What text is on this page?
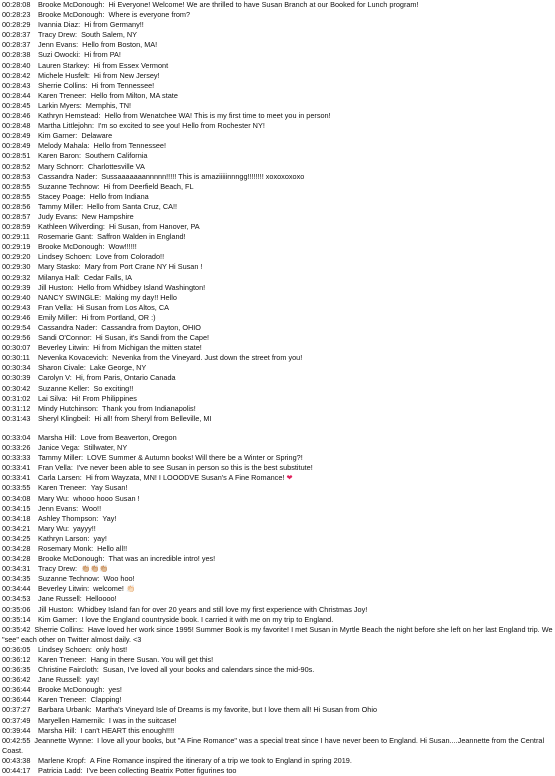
00:28:08	Brooke McDonough: Hi Everyone! Welcome! We are thrilled to have Susan Branch at our Booked for Lunch program!
00:28:23	Brooke McDonough: Where is everyone from?
00:28:29	Ivannia Diaz: Hi from Germany!!
00:28:37	Tracy Drew: South Salem, NY
00:28:37	Jenn Evans: Hello from Boston, MA!
00:28:38	Suzi Owocki: Hi from PA!
00:28:40	Lauren Starkey: Hi from Essex Vermont
00:28:42	Michele Husfelt: Hi from New Jersey!
00:28:43	Sherrie Collins: Hi from Tennessee!
00:28:44	Karen Treneer: Hello from Milton, MA state
00:28:45	Larkin Myers: Memphis, TN!
00:28:46	Kathryn Hemstead: Hello from Wenatchee WA! This is my first time to meet you in person!
00:28:48	Martha Littlejohn: I'm so excited to see you! Hello from Rochester NY!
00:28:49	Kim Garner: Delaware
00:28:49	Melody Mahala: Hello from Tennessee!
00:28:51	Karen Baron: Southern California
00:28:52	Mary Schnorr: Charlottesville VA
00:28:53	Cassandra Nader: Sussaaaaaaannnnn!!!!! This is amaziiiiinnngg!!!!!!!! xoxoxoxoxo
00:28:55	Suzanne Technow: Hi from Deerfield Beach, FL
00:28:55	Stacey Poage: Hello from Indiana
00:28:56	Tammy Miller: Hello from Santa Cruz, CA!!
00:28:57	Judy Evans: New Hampshire
00:28:59	Kathleen Wilverding: Hi Susan, from Hanover, PA
00:29:11	Rosemarie Gant: Saffron Walden in England!
00:29:19	Brooke McDonough: Wow!!!!!!
00:29:20	Lindsey Schoen: Love from Colorado!!
00:29:30	Mary Stasko: Mary from Port Crane NY Hi Susan !
00:29:32	Milanya Hall: Cedar Falls, IA
00:29:39	Jill Huston: Hello from Whidbey Island Washington!
00:29:40	NANCY SWINGLE: Making my day!! Hello
00:29:43	Fran Vella: Hi Susan from Los Altos, CA
00:29:46	Emily Miller: Hi from Portland, OR :)
00:29:54	Cassandra Nader: Cassandra from Dayton, OHIO
00:29:56	Sandi O'Connor: Hi Susan, it's Sandi from the Cape!
00:30:07	Beverley Litwin: Hi from Michigan the mitten state!
00:30:11	Nevenka Kovacevich: Nevenka from the Vineyard. Just down the street from you!
00:30:34	Sharon Civale: Lake George, NY
00:30:39	Carolyn V: Hi, from Paris, Ontario Canada
00:30:42	Suzanne Keller: So exciting!!
00:31:02	Lai Silva: Hi! From Philippines
00:31:12	Mindy Hutchinson: Thank you from Indianapolis!
00:31:43	Sheryl Klingbeil: Hi all! from Sheryl from Belleville, MI
00:33:04	Marsha Hill: Love from Beaverton, Oregon
00:33:26	Janice Vega: Stillwater, NY
00:33:33	Tammy Miller: LOVE Summer & Autumn books! Will there be a Winter or Spring?!
00:33:41	Fran Vella: I've never been able to see Susan in person so this is the best substitute!
00:33:41	Carla Larsen: Hi from Wayzata, MN! I LOOODVE Susan's A Fine Romance! ❤
00:33:55	Karen Treneer: Yay Susan!
00:34:08	Mary Wu: whooo hooo Susan !
00:34:15	Jenn Evans: Woo!!
00:34:18	Ashley Thompson: Yay!
00:34:21	Mary Wu: yayyy!!
00:34:25	Kathryn Larson: yay!
00:34:28	Rosemary Monk: Hello all!!
00:34:28	Brooke McDonough: That was an incredible intro! yes!
00:34:31	Tracy Drew: 👏🏼👏🏼👏🏼
00:34:35	Suzanne Technow: Woo hoo!
00:34:44	Beverley Litwin: welcome! 👏🏻
00:34:53	Jane Russell: Helloooo!
00:35:06	Jill Huston: Whidbey Island fan for over 20 years and still love my first experience with Christmas Joy!
00:35:14	Kim Garner: I love the England countryside book. I carried it with me on my trip to England.
00:35:42 Sherrie Collins: Have loved her work since 1995! Summer Book is my favorite! I met Susan in Myrtle Beach the night before she left on her last England trip. We "see" each other on Twitter almost daily. <3
00:36:05	Lindsey Schoen: only host!
00:36:12	Karen Treneer: Hang in there Susan. You will get this!
00:36:35	Christine Faircloth: Susan, I've loved all your books and calendars since the mid-90s.
00:36:42	Jane Russell: yay!
00:36:44	Brooke McDonough: yes!
00:36:44	Karen Treneer: Clapping!
00:37:27	Barbara Urbank: Martha's Vineyard Isle of Dreams is my favorite, but I love them all! Hi Susan from Ohio
00:37:49	Maryellen Hamernik: I was in the suitcase!
00:39:44	Marsha Hill: I can't HEART this enough!!!!
00:42:55 Jeannette Wynne: I love all your books, but "A Fine Romance" was a special treat since I have never been to England. Hi Susan....Jeannette from the Central Coast.
00:43:38	Marlene Kropf: A Fine Romance inspired the itinerary of a trip we took to England in spring 2019.
00:44:17	Patricia Ladd: I've been collecting Beatrix Potter figurines too
